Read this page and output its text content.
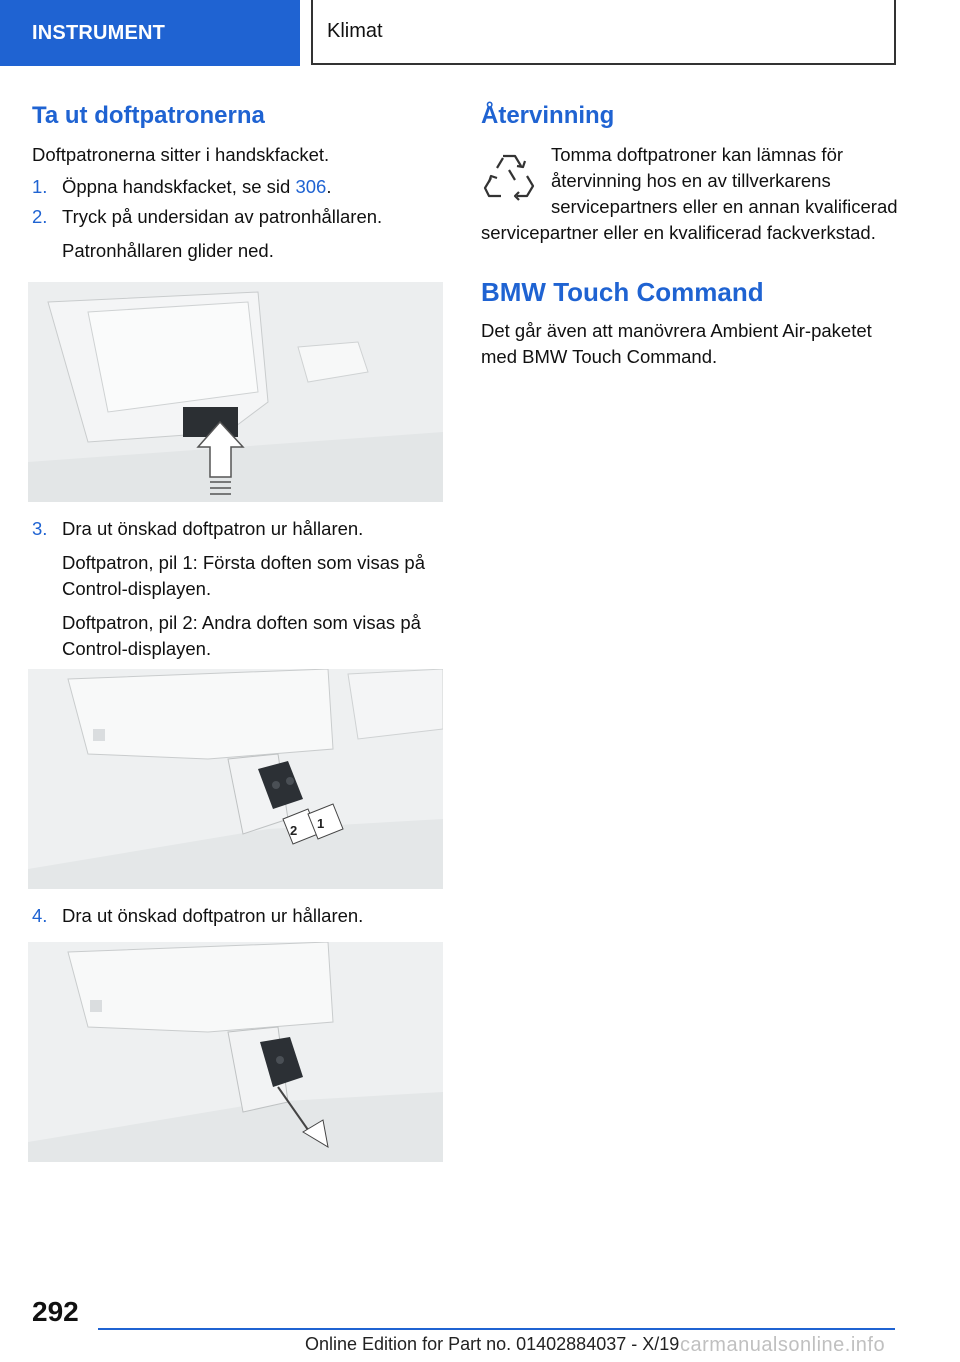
INSTRUMENT	Klimat
Ta ut doftpatronerna

Doftpatronerna sitter i handskfacket.

1. Öppna handskfacket, se sid 306.
2. Tryck på undersidan av patronhållaren.
Patronhållaren glider ned.
3. Dra ut önskad doftpatron ur hållaren.
Doftpatron, pil 1: Första doften som visas på Control-displayen.
Doftpatron, pil 2: Andra doften som visas på Control-displayen.
2 1
4. Dra ut önskad doftpatron ur hållaren.
Återvinning

Tomma doftpatroner kan lämnas för återvinning hos en av tillverkarens servicepartners eller en annan kvalificerad servicepartner eller en kvalificerad fackverkstad.

BMW Touch Command

Det går även att manövrera Ambient Air-paketet med BMW Touch Command.

292
Online Edition for Part no. 01402884037 - X/19 carmanualsonline.info
